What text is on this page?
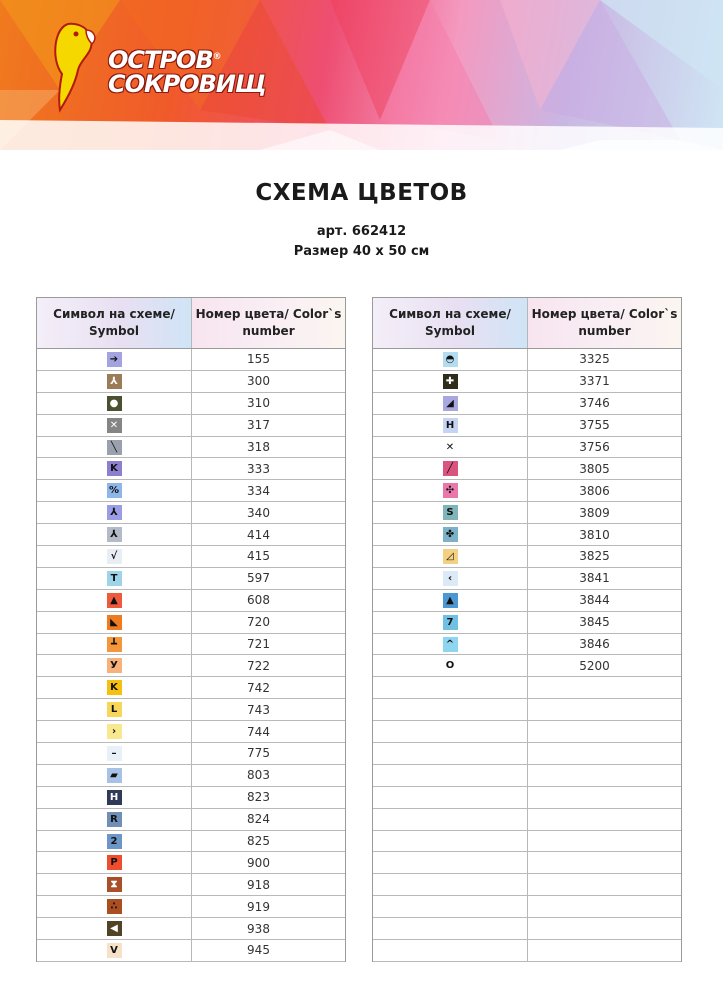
ОСТРОВ®
СОКРОВИЩ
СХЕМА ЦВЕТОВ
арт. 662412
Размер 40 х 50 см
Символ на схеме/ Symbol
Номер цвета/ Color`s number
➔	155
⅄	300
●	310
✕	317
╲	318
K	333
%	334
⅄	340
⅄	414
√	415
T	597
▲	608
◣	720
┻	721
У	722
K	742
L	743
›	744
–	775
▰	803
H	823
R	824
2	825
P	900
⧗	918
∴	919
◀	938
V	945
Символ на схеме/ Symbol
Номер цвета/ Color`s number
◓	3325
✚	3371
◢	3746
H	3755
✕	3756
╱	3805
✣	3806
S	3809
✤	3810
◿	3825
‹	3841
▲	3844
7	3845
^	3846
O	5200
